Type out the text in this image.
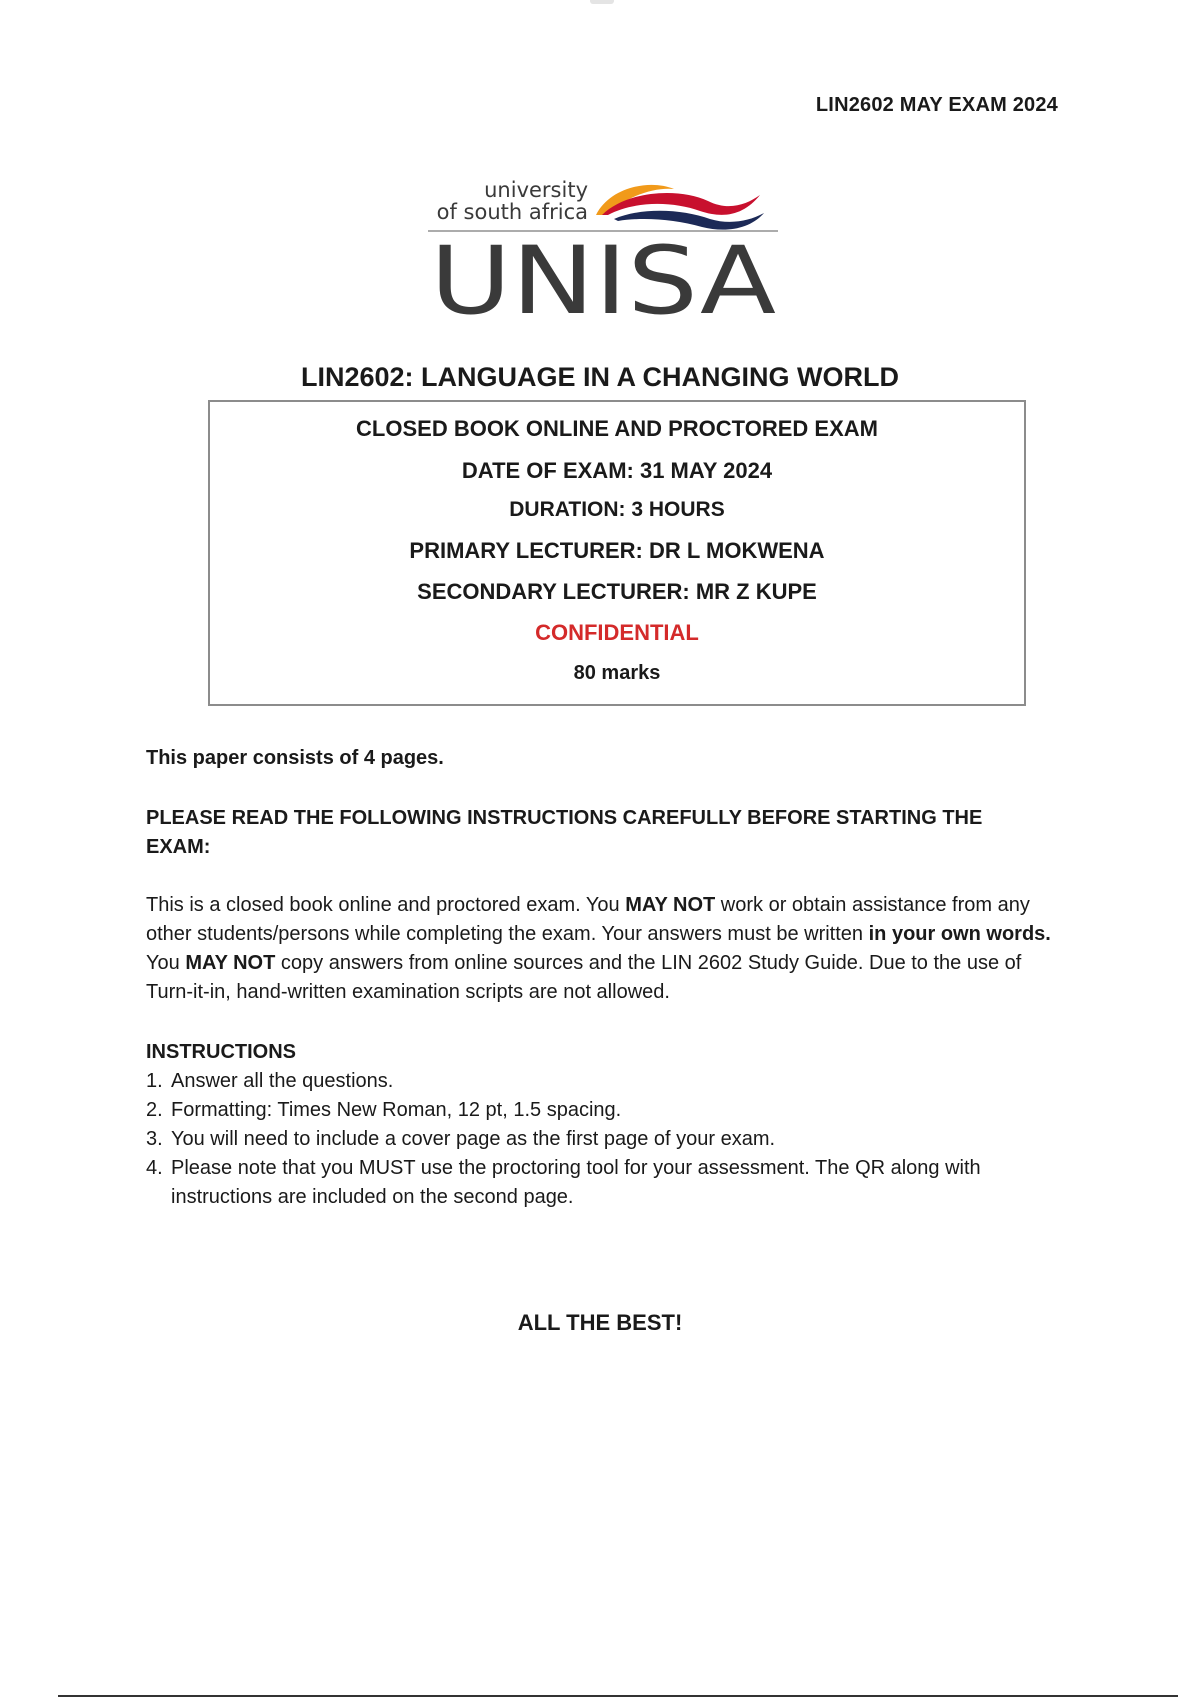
LIN2602 MAY EXAM 2024
university
of south africa
UNISA
LIN2602: LANGUAGE IN A CHANGING WORLD
CLOSED BOOK ONLINE AND PROCTORED EXAM
DATE OF EXAM: 31 MAY 2024
DURATION: 3 HOURS
PRIMARY LECTURER: DR L MOKWENA
SECONDARY LECTURER: MR Z KUPE
CONFIDENTIAL
80 marks
This paper consists of 4 pages.
PLEASE READ THE FOLLOWING INSTRUCTIONS CAREFULLY BEFORE STARTING THE EXAM:

This is a closed book online and proctored exam. You MAY NOT work or obtain assistance from any other students/persons while completing the exam. Your answers must be written in your own words. You MAY NOT copy answers from online sources and the LIN 2602 Study Guide. Due to the use of Turn-it-in, hand-written examination scripts are not allowed.

INSTRUCTIONS
1. Answer all the questions.
2. Formatting: Times New Roman, 12 pt, 1.5 spacing.
3. You will need to include a cover page as the first page of your exam.
4. Please note that you MUST use the proctoring tool for your assessment. The QR along with instructions are included on the second page.
ALL THE BEST!
